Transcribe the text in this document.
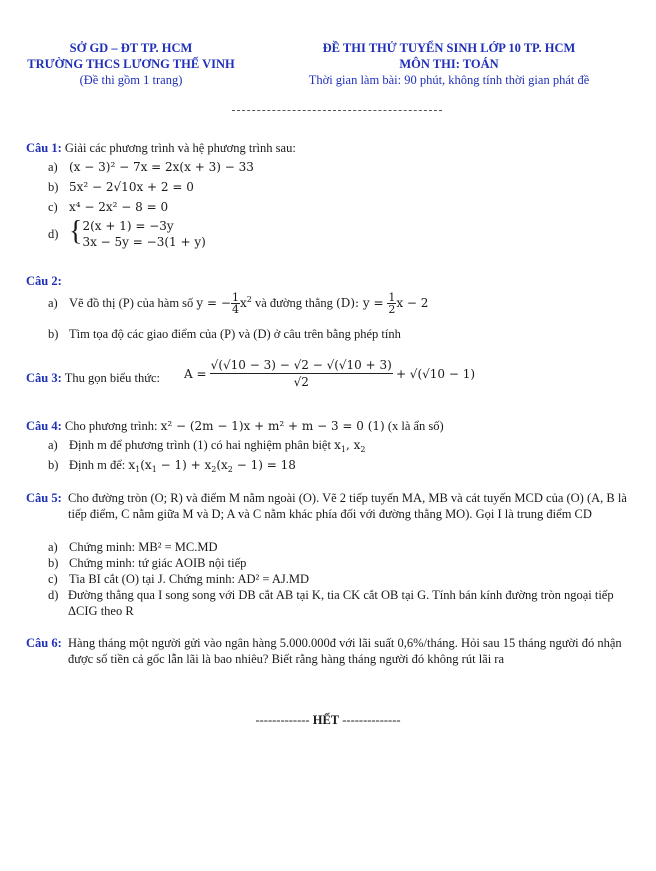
SỞ GD – ĐT TP. HCM
TRƯỜNG THCS LƯƠNG THẾ VINH
(Đề thi gồm 1 trang)
ĐỀ THI THỬ TUYỂN SINH LỚP 10 TP. HCM
MÔN THI: TOÁN
Thời gian làm bài: 90 phút, không tính thời gian phát đề
Câu 1: Giải các phương trình và hệ phương trình sau:
a) (x − 3)² − 7x = 2x(x + 3) − 33
b) 5x² − 2√10x + 2 = 0
c) x⁴ − 2x² − 8 = 0
d) { 2(x + 1) = −3y
3x − 5y = −3(1 + y)
Câu 2:
a) Vẽ đồ thị (P) của hàm số y = − $\frac{1}{4} x^2$ và đường thẳng (D): $y = \frac{1}{2}$ x − 2
b) Tìm tọa độ các giao điểm của (P) và (D) ở câu trên bằng phép tính
Câu 3: Thu gọn biểu thức:	$A = \frac{√(√10 - 3) - √2 - √(√10 + 3)}{√2} + √(√10 - 1)$
Câu 4: Cho phương trình: x² − (2m − 1)x + m² + m − 3 = 0 (1) (x là ẩn số)
a) Định m để phương trình (1) có hai nghiệm phân biệt $x_1$, $x_2$
b) Định m để: $x_1(x_1 - 1) + x_2(x_2 - 1) = 18$
Câu 5: Cho đường tròn (O; R) và điểm M nằm ngoài (O). Vẽ 2 tiếp tuyến MA, MB và cát tuyến MCD của (O) (A, B là tiếp điểm, C nằm giữa M và D; A và C nằm khác phía đối với đường thẳng MO). Gọi I là trung điểm CD
a) Chứng minh: MB² = MC.MD
b) Chứng minh: tứ giác AOIB nội tiếp
c) Tia BI cắt (O) tại J. Chứng minh: AD² = AJ.MD
d) Đường thẳng qua I song song với DB cắt AB tại K, tia CK cắt OB tại G. Tính bán kính đường tròn ngoại tiếp ΔCIG theo R
Câu 6: Hàng tháng một người gửi vào ngân hàng 5.000.000đ với lãi suất 0,6%/tháng. Hỏi sau 15 tháng người đó nhận được số tiền cả gốc lẫn lãi là bao nhiêu? Biết rằng hàng tháng người đó không rút lãi ra
------------- HẾT --------------
